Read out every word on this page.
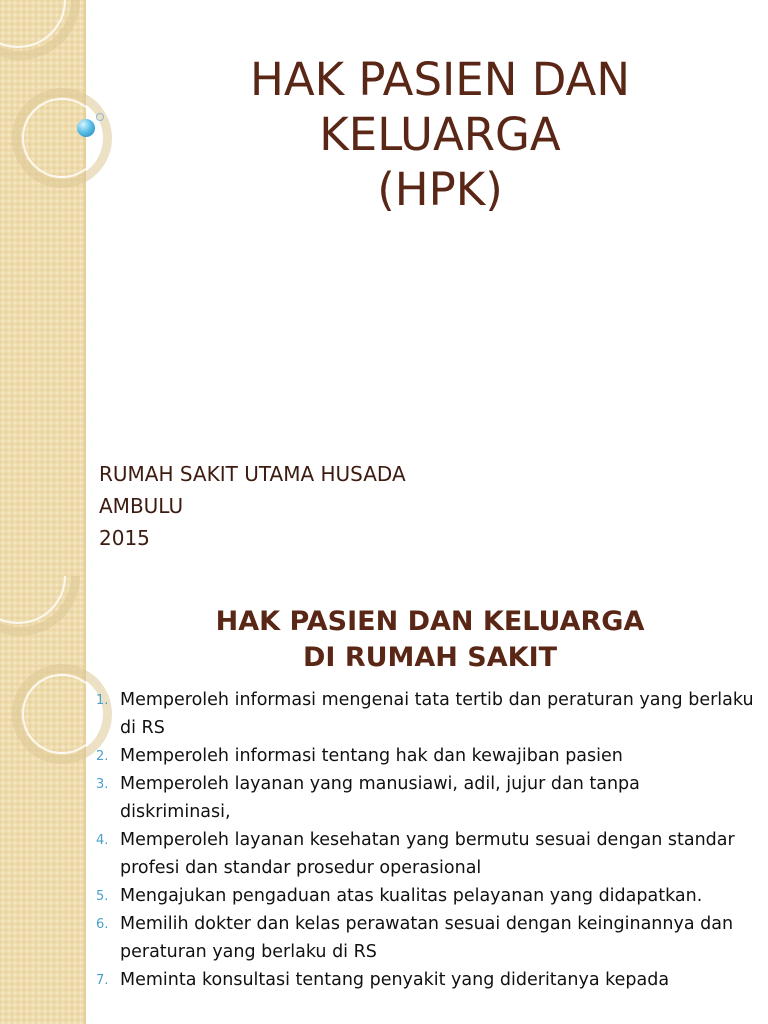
HAK PASIEN DAN
KELUARGA
(HPK)
RUMAH SAKIT UTAMA HUSADA
AMBULU
2015
HAK PASIEN DAN KELUARGA
DI RUMAH SAKIT
1. Memperoleh informasi mengenai tata tertib dan peraturan yang berlaku di RS
2. Memperoleh informasi tentang hak dan kewajiban pasien
3. Memperoleh layanan yang manusiawi, adil, jujur dan tanpa diskriminasi,
4. Memperoleh layanan kesehatan yang bermutu sesuai dengan standar profesi dan standar prosedur operasional
5. Mengajukan pengaduan atas kualitas pelayanan yang didapatkan.
6. Memilih dokter dan kelas perawatan sesuai dengan keinginannya dan peraturan yang berlaku di RS
7. Meminta konsultasi tentang penyakit yang dideritanya kepada
